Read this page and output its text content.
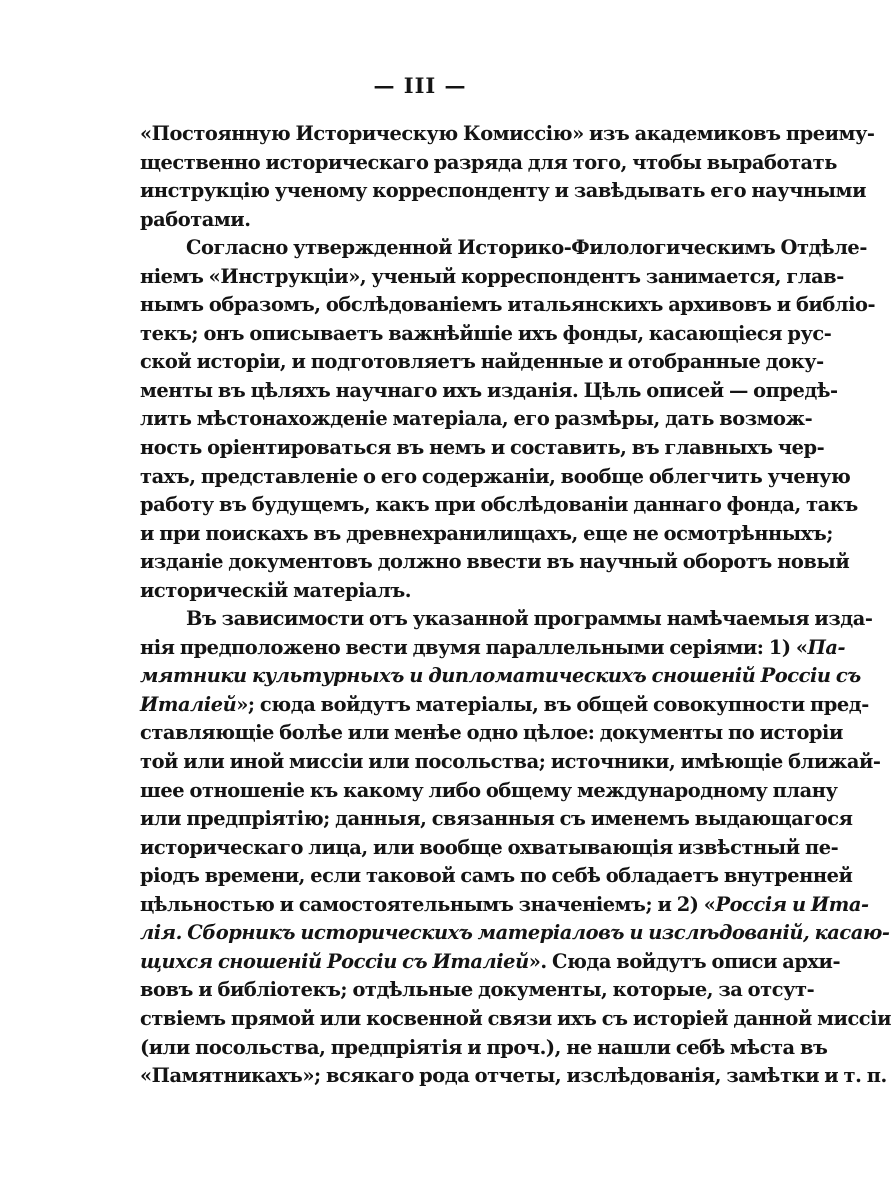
— III —
«Постоянную Историческую Комиссію» изъ академиковъ преиму-
щественно историческаго разряда для того, чтобы выработать
инструкцію ученому корреспонденту и завѣдывать его научными
работами.
Согласно утвержденной Историко-Филологическимъ Отдѣле-
ніемъ «Инструкціи», ученый корреспондентъ занимается, глав-
нымъ образомъ, обслѣдованіемъ итальянскихъ архивовъ и библіо-
текъ; онъ описываетъ важнѣйшіе ихъ фонды, касающіеся рус-
ской исторіи, и подготовляетъ найденные и отобранные доку-
менты въ цѣляхъ научнаго ихъ изданія. Цѣль описей — опредѣ-
лить мѣстонахожденіе матеріала, его размѣры, дать возмож-
ность оріентироваться въ немъ и составить, въ главныхъ чер-
тахъ, представленіе о его содержаніи, вообще облегчить ученую
работу въ будущемъ, какъ при обслѣдованіи даннаго фонда, такъ
и при поискахъ въ древнехранилищахъ, еще не осмотрѣнныхъ;
изданіе документовъ должно ввести въ научный оборотъ новый
историческій матеріалъ.
Въ зависимости отъ указанной программы намѣчаемыя изда-
нія предположено вести двумя параллельными серіями: 1) «Па-
мятники культурныхъ и дипломатическихъ сношеній Россіи съ
Италіей»; сюда войдутъ матеріалы, въ общей совокупности пред-
ставляющіе болѣе или менѣе одно цѣлое: документы по исторіи
той или иной миссіи или посольства; источники, имѣющіе ближай-
шее отношеніе къ какому либо общему международному плану
или предпріятію; данныя, связанныя съ именемъ выдающагося
историческаго лица, или вообще охватывающія извѣстный пе-
ріодъ времени, если таковой самъ по себѣ обладаетъ внутренней
цѣльностью и самостоятельнымъ значеніемъ; и 2) «Россія и Ита-
лія. Сборникъ историческихъ матеріаловъ и изслѣдованій, касаю-
щихся сношеній Россіи съ Италіей». Сюда войдутъ описи архи-
вовъ и библіотекъ; отдѣльные документы, которые, за отсут-
ствіемъ прямой или косвенной связи ихъ съ исторіей данной миссіи
(или посольства, предпріятія и проч.), не нашли себѣ мѣста въ
«Памятникахъ»; всякаго рода отчеты, изслѣдованія, замѣтки и т. п.
